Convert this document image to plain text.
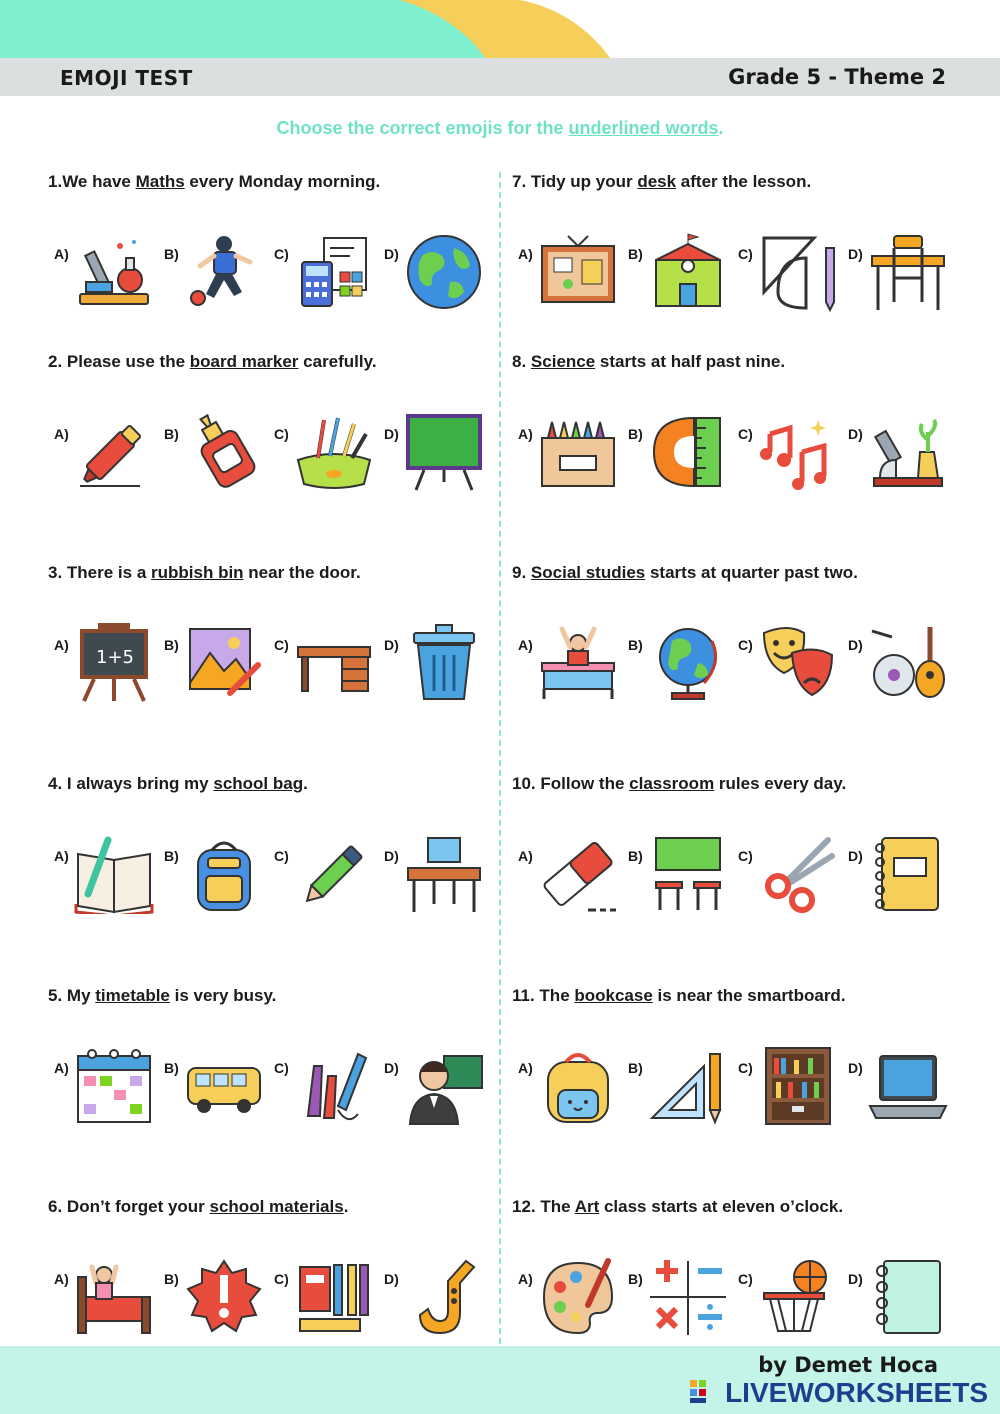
EMOJI TEST	Grade 5 - Theme 2
Choose the correct emojis for the underlined words.
1.We have Maths every Monday morning.
A)	B)	C)	D)
2. Please use the board marker carefully.
A)	B)	C)	D)
3. There is a rubbish bin near the door.
A)
1+5
B)	C)	D)
4. I always bring my school bag.
A)	B)	C)	D)
5. My timetable is very busy.
A)	B)	C)	D)
6. Don’t forget your school materials.
A)	B)	C)	D)
7. Tidy up your desk after the lesson.
A)	B)	C)	D)
8. Science starts at half past nine.
A)	B)	C)	D)
9. Social studies starts at quarter past two.
A)	B)	C)	D)
10. Follow the classroom rules every day.
A)	B)	C)	D)
11. The bookcase is near the smartboard.
A)	B)	C)	D)
12. The Art class starts at eleven o’clock.
A)	B)	C)	D)
by Demet Hoca
LIVEWORKSHEETS
